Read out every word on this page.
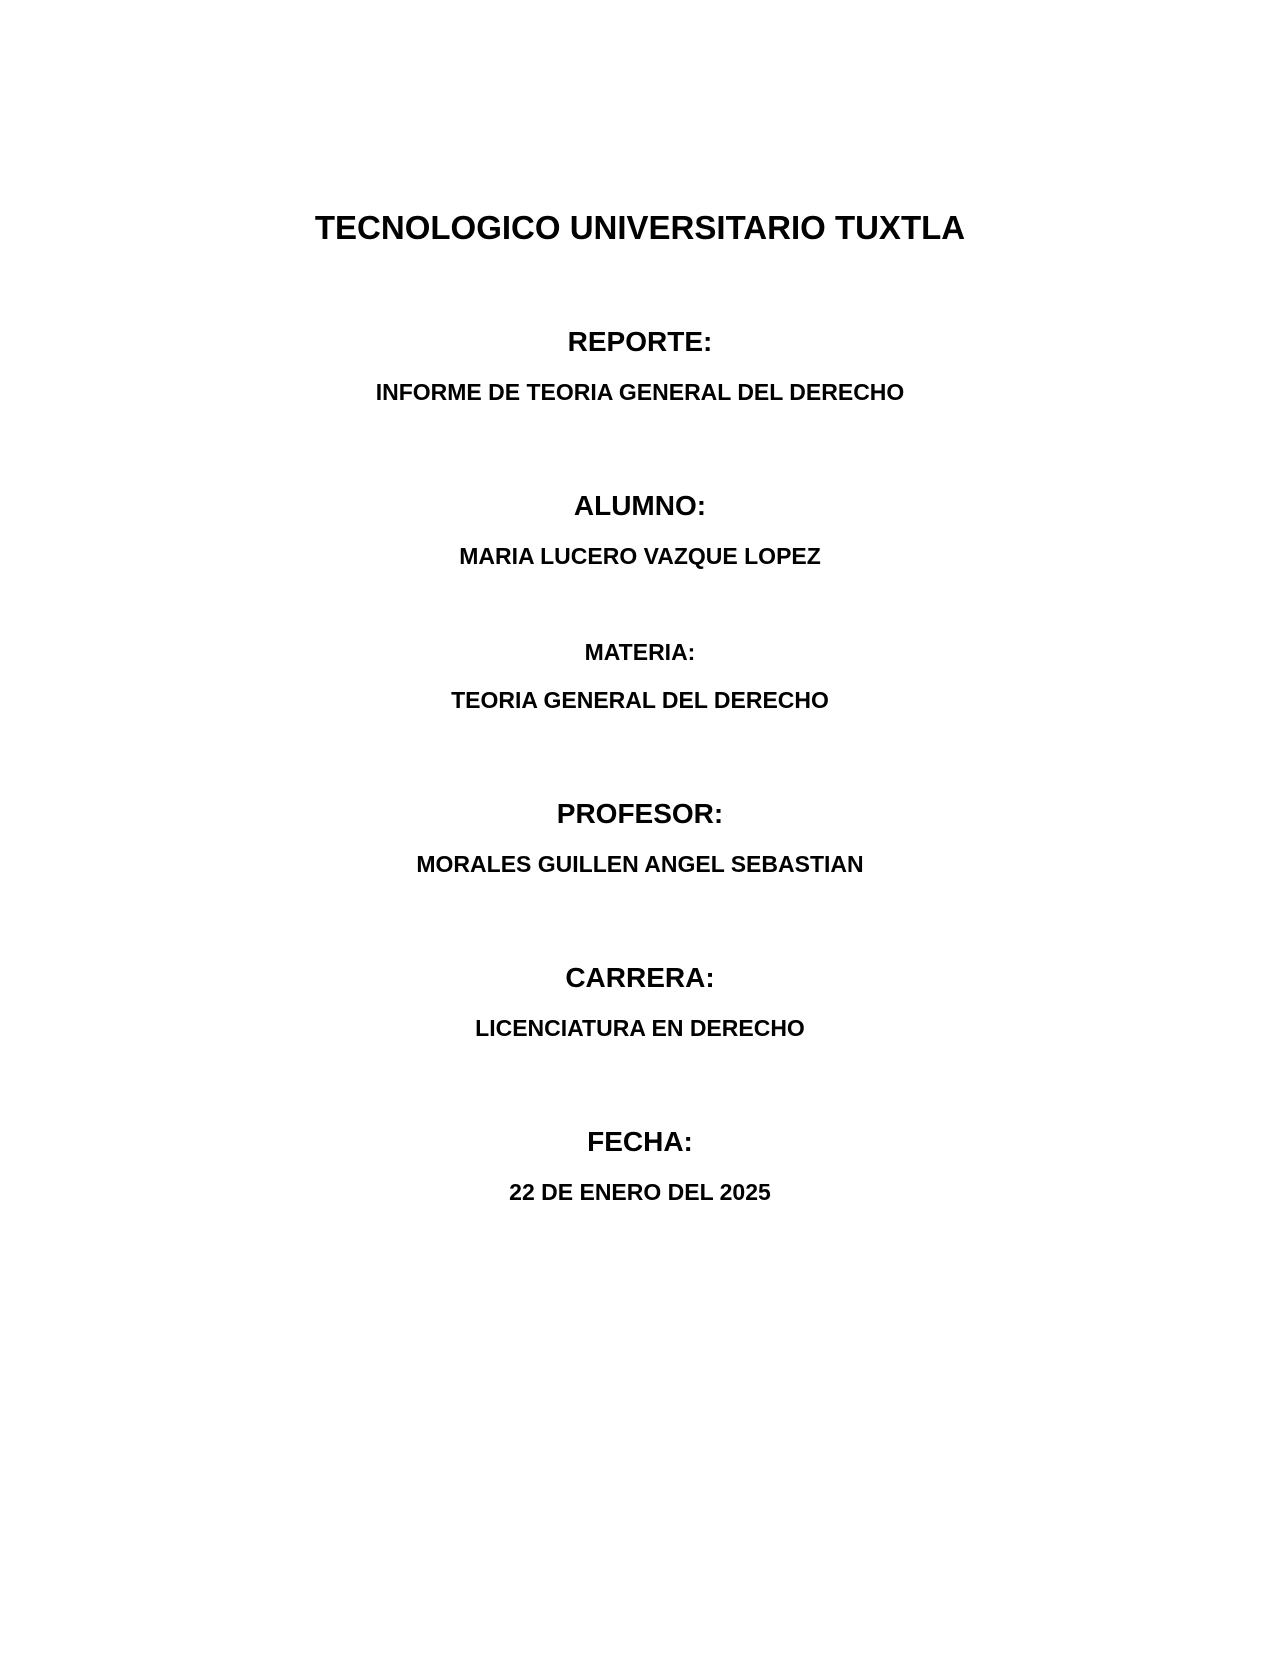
TECNOLOGICO UNIVERSITARIO TUXTLA
REPORTE:
INFORME DE TEORIA GENERAL DEL DERECHO
ALUMNO:
MARIA LUCERO VAZQUE LOPEZ
MATERIA:
TEORIA GENERAL DEL DERECHO
PROFESOR:
MORALES GUILLEN ANGEL SEBASTIAN
CARRERA:
LICENCIATURA EN DERECHO
FECHA:
22 DE ENERO DEL 2025
